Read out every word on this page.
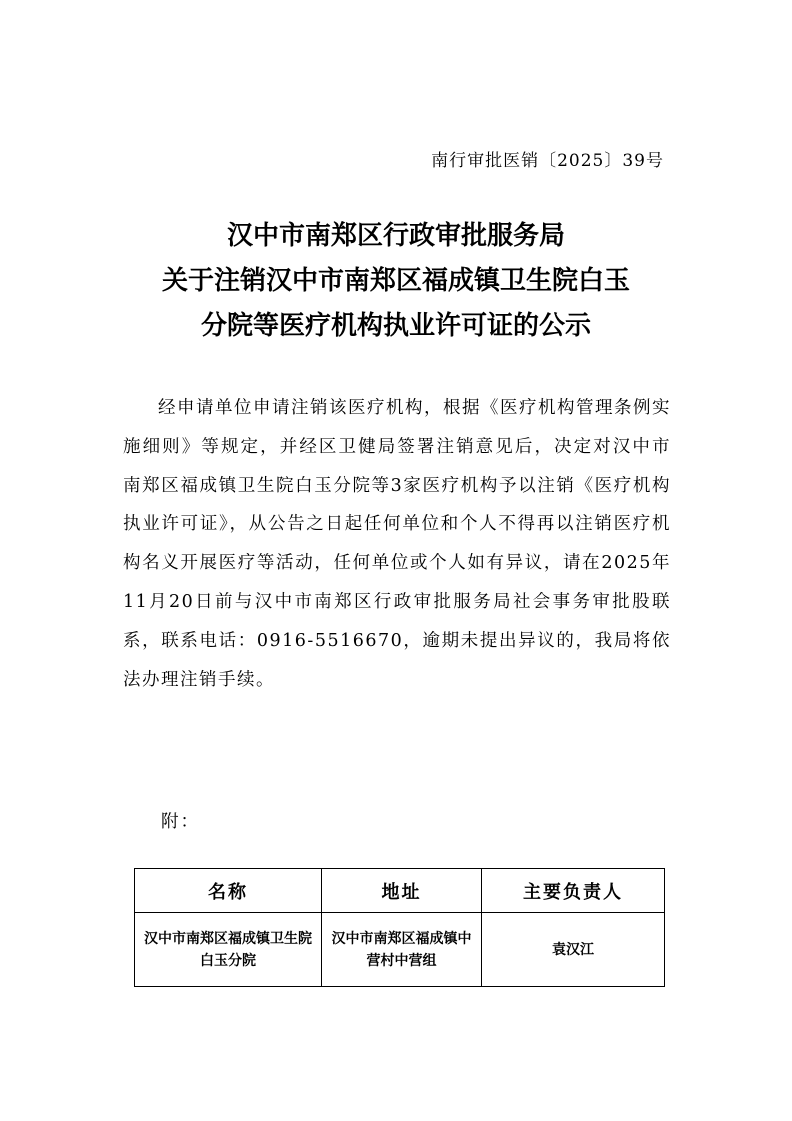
南行审批医销〔2025〕39号
汉中市南郑区行政审批服务局
关于注销汉中市南郑区福成镇卫生院白玉
分院等医疗机构执业许可证的公示
经申请单位申请注销该医疗机构，根据《医疗机构管理条例实施细则》等规定，并经区卫健局签署注销意见后，决定对汉中市南郑区福成镇卫生院白玉分院等3家医疗机构予以注销《医疗机构执业许可证》，从公告之日起任何单位和个人不得再以注销医疗机构名义开展医疗等活动，任何单位或个人如有异议，请在2025年11月20日前与汉中市南郑区行政审批服务局社会事务审批股联系，联系电话：0916-5516670，逾期未提出异议的，我局将依法办理注销手续。
附：
名称	地址	主要负责人
汉中市南郑区福成镇卫生院白玉分院	汉中市南郑区福成镇中营村中营组	袁汉江
